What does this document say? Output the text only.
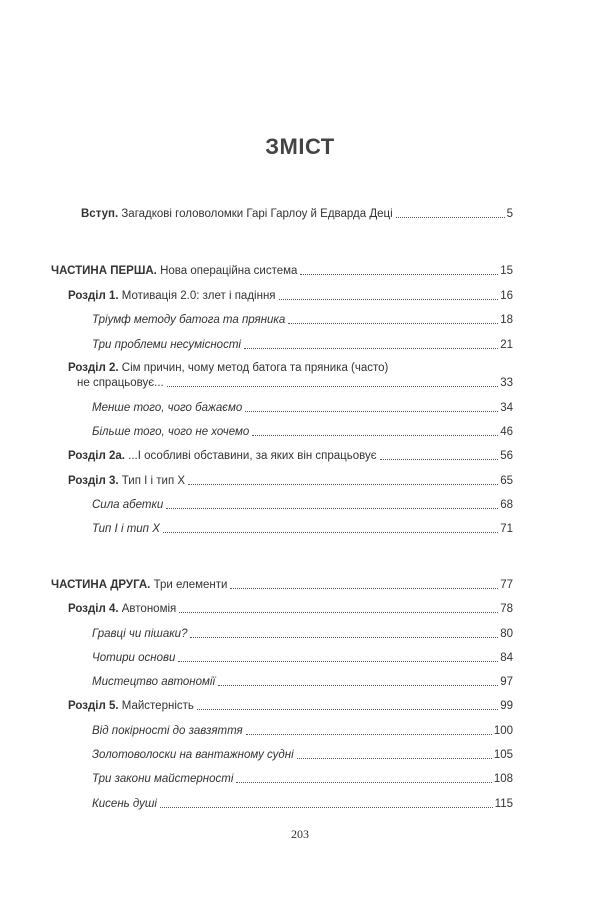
ЗМІСТ
Вступ. Загадкові головоломки Гарі Гарлоу й Едварда Деці	5
ЧАСТИНА ПЕРША. Нова операційна система	15
Розділ 1. Мотивація 2.0: злет і падіння	16
Тріумф методу батога та пряника	18
Три проблеми несумісності	21
Розділ 2. Сім причин, чому метод батога та пряника (часто)
не спрацьовує...	33
Менше того, чого бажаємо	34
Більше того, чого не хочемо	46
Розділ 2а. ...І особливі обставини, за яких він спрацьовує	56
Розділ 3. Тип I і тип X	65
Сила абетки	68
Тип I і тип X	71
ЧАСТИНА ДРУГА. Три елементи	77
Розділ 4. Автономія	78
Гравці чи пішаки?	80
Чотири основи	84
Мистецтво автономії	97
Розділ 5. Майстерність	99
Від покірності до завзяття	100
Золотоволоски на вантажному судні	105
Три закони майстерності	108
Кисень душі	115
203
